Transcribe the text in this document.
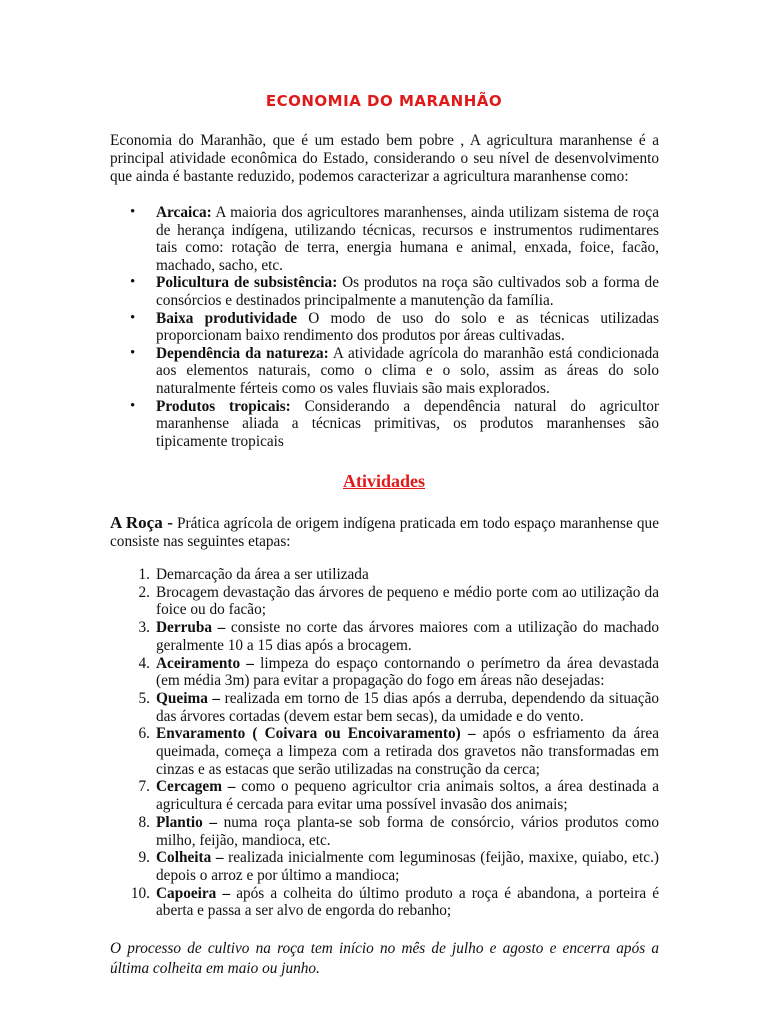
ECONOMIA DO MARANHÃO

Economia do Maranhão, que é um estado bem pobre , A agricultura maranhense é a principal atividade econômica do Estado, considerando o seu nível de desenvolvimento que ainda é bastante reduzido, podemos caracterizar a agricultura maranhense como:

• Arcaica: A maioria dos agricultores maranhenses, ainda utilizam sistema de roça de herança indígena, utilizando técnicas, recursos e instrumentos rudimentares tais como: rotação de terra, energia humana e animal, enxada, foice, facão, machado, sacho, etc.
• Policultura de subsistência: Os produtos na roça são cultivados sob a forma de consórcios e destinados principalmente a manutenção da família.
• Baixa produtividade O modo de uso do solo e as técnicas utilizadas proporcionam baixo rendimento dos produtos por áreas cultivadas.
• Dependência da natureza: A atividade agrícola do maranhão está condicionada aos elementos naturais, como o clima e o solo, assim as áreas do solo naturalmente férteis como os vales fluviais são mais explorados.
• Produtos tropicais: Considerando a dependência natural do agricultor maranhense aliada a técnicas primitivas, os produtos maranhenses são tipicamente tropicais
Atividades

A Roça - Prática agrícola de origem indígena praticada em todo espaço maranhense que consiste nas seguintes etapas:

1. Demarcação da área a ser utilizada
2. Brocagem devastação das árvores de pequeno e médio porte com ao utilização da foice ou do facão;
3. Derruba – consiste no corte das árvores maiores com a utilização do machado geralmente 10 a 15 dias após a brocagem.
4. Aceiramento – limpeza do espaço contornando o perímetro da área devastada (em média 3m) para evitar a propagação do fogo em áreas não desejadas:
5. Queima – realizada em torno de 15 dias após a derruba, dependendo da situação das árvores cortadas (devem estar bem secas), da umidade e do vento.
6. Envaramento ( Coivara ou Encoivaramento) – após o esfriamento da área queimada, começa a limpeza com a retirada dos gravetos não transformadas em cinzas e as estacas que serão utilizadas na construção da cerca;
7. Cercagem – como o pequeno agricultor cria animais soltos, a área destinada a agricultura é cercada para evitar uma possível invasão dos animais;
8. Plantio – numa roça planta-se sob forma de consórcio, vários produtos como milho, feijão, mandioca, etc.
9. Colheita – realizada inicialmente com leguminosas (feijão, maxixe, quiabo, etc.) depois o arroz e por último a mandioca;
10. Capoeira – após a colheita do último produto a roça é abandona, a porteira é aberta e passa a ser alvo de engorda do rebanho;

O processo de cultivo na roça tem início no mês de julho e agosto e encerra após a última colheita em maio ou junho.
